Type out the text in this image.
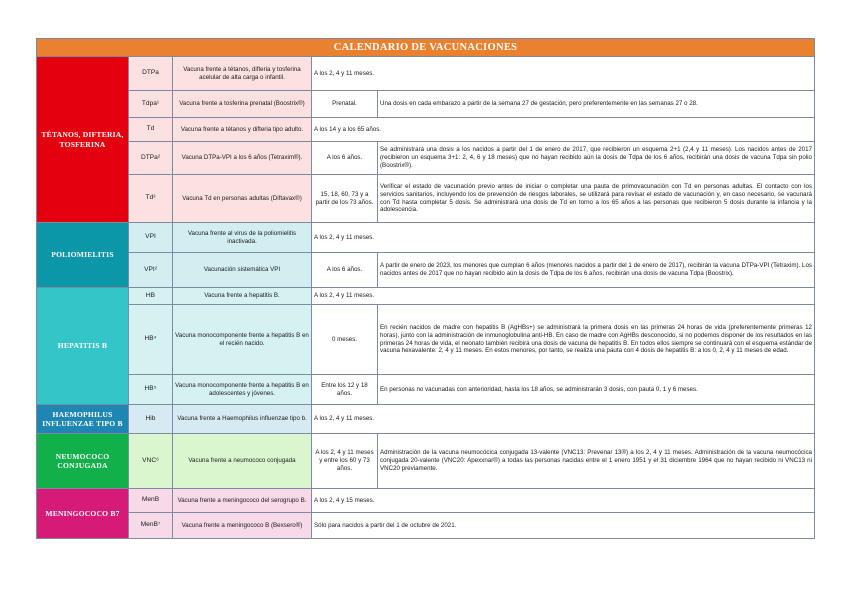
CALENDARIO DE VACUNACIONES				
TÉTANOS, DIFTERIA, TOSFERINA	DTPa	Vacuna frente a tétanos, difteria y tosferina acelular de alta carga o infantil.	A los 2, 4 y 11 meses.	
	Tdpa¹	Vacuna frente a tosferina prenatal (Boostrix®)	Prenatal.	Una dosis en cada embarazo a partir de la semana 27 de gestación, pero preferentemente en las semanas 27 o 28.
	Td	Vacuna frente a tétanos y difteria tipo adulto.	A los 14 y a los 65 años.	
	DTPa²	Vacuna DTPa-VPI a los 6 años (Tetraxim®).	A los 6 años.	Se administrará una dosis a los nacidos a partir del 1 de enero de 2017, que recibieron un esquema 2+1 (2,4 y 11 meses). Los nacidos antes de 2017 (recibieron un esquema 3+1: 2, 4, 6 y 18 meses) que no hayan recibido aún la dosis de Tdpa de los 6 años, recibirán una dosis de vacuna Tdpa sin polio (Boostrix®).
	Td³	Vacuna Td en personas adultas (Diftavax®)	15, 18, 60, 73 y a partir de los 73 años.	Verificar el estado de vacunación previo antes de iniciar o completar una pauta de primovacunación con Td en personas adultas. El contacto con los servicios sanitarios, incluyendo los de prevención de riesgos laborales, se utilizará para revisar el estado de vacunación y, en caso necesario, se vacunará con Td hasta completar 5 dosis. Se administrará una dosis de Td en torno a los 65 años a las personas que recibieron 5 dosis durante la infancia y la adolescencia.
POLIOMIELITIS	VPI	Vacuna frente al virus de la poliomielitis inactivada.	A los 2, 4 y 11 meses.	
	VPI²	Vacunación sistemática VPI	A los 6 años.	A partir de enero de 2023, los menores que cumplan 6 años (menores nacidos a partir del 1 de enero de 2017), recibirán la vacuna DTPa-VPI (Tetraxim). Los nacidos antes de 2017 que no hayan recibido aún la dosis de Tdpa de los 6 años, recibirán una dosis de vacuna Tdpa (Boostrix).
HEPATITIS B	HB	Vacuna frente a hepatitis B.	A los 2, 4 y 11 meses.	
	HB⁴	Vacuna monocomponente frente a hepatitis B en el recién nacido.	0 meses.	En recién nacidos de madre con hepatitis B (AgHBs+) se administrará la primera dosis en las primeras 24 horas de vida (preferentemente primeras 12 horas), junto con la administración de inmunoglobulina anti-HB. En caso de madre con AgHBs desconocido, si no podemos disponer de los resultados en las primeras 24 horas de vida, el neonato también recibirá una dosis de vacuna de hepatitis B. En todos ellos siempre se continuará con el esquema estándar de vacuna hexavalente: 2, 4 y 11 meses. En estos menores, por tanto, se realiza una pauta con 4 dosis de hepatitis B: a los 0, 2, 4 y 11 meses de edad.
	HB⁵	Vacuna monocomponente frente a hepatitis B en adolescentes y jóvenes.	Entre los 12 y 18 años.	En personas no vacunadas con anterioridad, hasta los 18 años, se administrarán 3 dosis, con pauta 0, 1 y 6 meses.
HAEMOPHILUS INFLUENZAE TIPO B	Hib	Vacuna frente a Haemophilus influenzae tipo b.	A los 2, 4 y 11 meses.	
NEUMOCOCO CONJUGADA	VNC⁶	Vacuna frente a neumococo conjugada	A los 2, 4 y 11 meses y entre los 60 y 73 años.	Administración de la vacuna neumocócica conjugada 13-valente (VNC13: Prevenar 13®) a los 2, 4 y 11 meses. Administración de la vacuna neumocócica conjugada 20-valente (VNC20: Apexxnar®) a todas las personas nacidas entre el 1 enero 1951 y el 31 diciembre 1964 que no hayan recibido ni VNC13 ni VNC20 previamente.
MENINGOCOCO B7	MenB	Vacuna frente a meningococo del serogrupo B.	A los 2, 4 y 15 meses.	
	MenB⁷	Vacuna frente a meningococo B (Bexsero®)	Sólo para nacidos a partir del 1 de octubre de 2021.	
